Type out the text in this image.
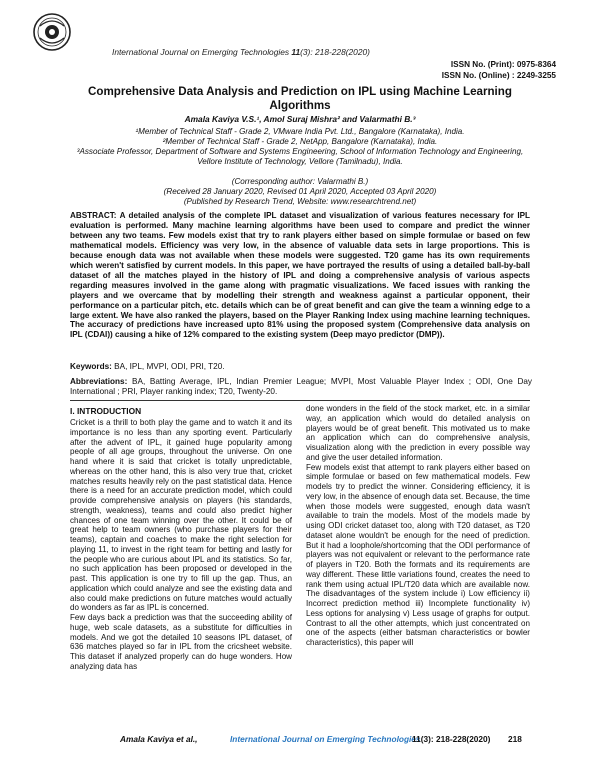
International Journal on Emerging Technologies 11(3): 218-228(2020)
ISSN No. (Print): 0975-8364
ISSN No. (Online) : 2249-3255
Comprehensive Data Analysis and Prediction on IPL using Machine Learning
Algorithms
Amala Kaviya V.S.¹, Amol Suraj Mishra² and Valarmathi B.³
¹Member of Technical Staff - Grade 2, VMware India Pvt. Ltd., Bangalore (Karnataka), India.
²Member of Technical Staff - Grade 2, NetApp, Bangalore (Karnataka), India.
³Associate Professor, Department of Software and Systems Engineering, School of Information Technology and Engineering, Vellore Institute of Technology, Vellore (Tamilnadu), India.
(Corresponding author: Valarmathi B.)
(Received 28 January 2020, Revised 01 April 2020, Accepted 03 April 2020)
(Published by Research Trend, Website: www.researchtrend.net)
ABSTRACT: A detailed analysis of the complete IPL dataset and visualization of various features necessary for IPL evaluation is performed. Many machine learning algorithms have been used to compare and predict the winner between any two teams. Few models exist that try to rank players either based on simple formulae or based on few mathematical models. Efficiency was very low, in the absence of valuable data sets in large proportions. This is because enough data was not available when these models were suggested. T20 game has its own requirements which weren't satisfied by current models. In this paper, we have portrayed the results of using a detailed ball-by-ball dataset of all the matches played in the history of IPL and doing a comprehensive analysis of various aspects regarding measures involved in the game along with pragmatic visualizations. We faced issues with ranking the players and we overcame that by modelling their strength and weakness against a particular opponent, their performance on a particular pitch, etc. details which can be of great benefit and can give the team a winning edge to a large extent. We have also ranked the players, based on the Player Ranking Index using machine learning techniques. The accuracy of predictions have increased upto 81% using the proposed system (Comprehensive data analysis on IPL (CDAI)) causing a hike of 12% compared to the existing system (Deep mayo predictor (DMP)).
Keywords: BA, IPL, MVPI, ODI, PRI, T20.
Abbreviations: BA, Batting Average, IPL, Indian Premier League; MVPI, Most Valuable Player Index ; ODI, One Day International ; PRI, Player ranking index; T20, Twenty-20.
I. INTRODUCTION

Cricket is a thrill to both play the game and to watch it and its importance is no less than any sporting event. Particularly after the advent of IPL, it gained huge popularity among people of all age groups, throughout the universe. On one hand where it is said that cricket is totally unpredictable, whereas on the other hand, this is also very true that, cricket matches results heavily rely on the past statistical data. Hence there is a need for an accurate prediction model, which could provide comprehensive analysis on players (his standards, strength, weakness), teams and could also predict higher chances of one team winning over the other. It could be of great help to team owners (who purchase players for their teams), captain and coaches to make the right selection for playing 11, to invest in the right team for betting and lastly for the people who are curious about IPL and its statistics. So far, no such application has been proposed or developed in the past. This application is one try to fill up the gap. Thus, an application which could analyze and see the existing data and also could make predictions on future matches would actually do wonders as far as IPL is concerned.

Few days back a prediction was that the succeeding ability of huge, web scale datasets, as a substitute for difficulties in models. And we got the detailed 10 seasons IPL dataset, of 636 matches played so far in IPL from the cricsheet website. This dataset if analyzed properly can do huge wonders. How analyzing data has

done wonders in the field of the stock market, etc. in a similar way, an application which would do detailed analysis on players would be of great benefit. This motivated us to make an application which can do comprehensive analysis, visualization along with the prediction in every possible way and give the user detailed information.

Few models exist that attempt to rank players either based on simple formulae or based on few mathematical models. Few models try to predict the winner. Considering efficiency, it is very low, in the absence of enough data set. Because, the time when those models were suggested, enough data wasn't available to train the models. Most of the models made by using ODI cricket dataset too, along with T20 dataset, as T20 dataset alone wouldn't be enough for the need of prediction. But it had a loophole/shortcoming that the ODI performance of players was not equivalent or relevant to the performance rate of players in T20. Both the formats and its requirements are way different. These little variations found, creates the need to rank them using actual IPL/T20 data which are available now. The disadvantages of the system include i) Low efficiency ii) Incorrect prediction method iii) Incomplete functionality iv) Less options for analysing v) Less usage of graphs for output. Contrast to all the other attempts, which just concentrated on one of the aspects (either batsman characteristics or bowler characteristics), this paper will

Amala Kaviya et al.,	International Journal on Emerging Technologies
11(3): 218-228(2020) 218
